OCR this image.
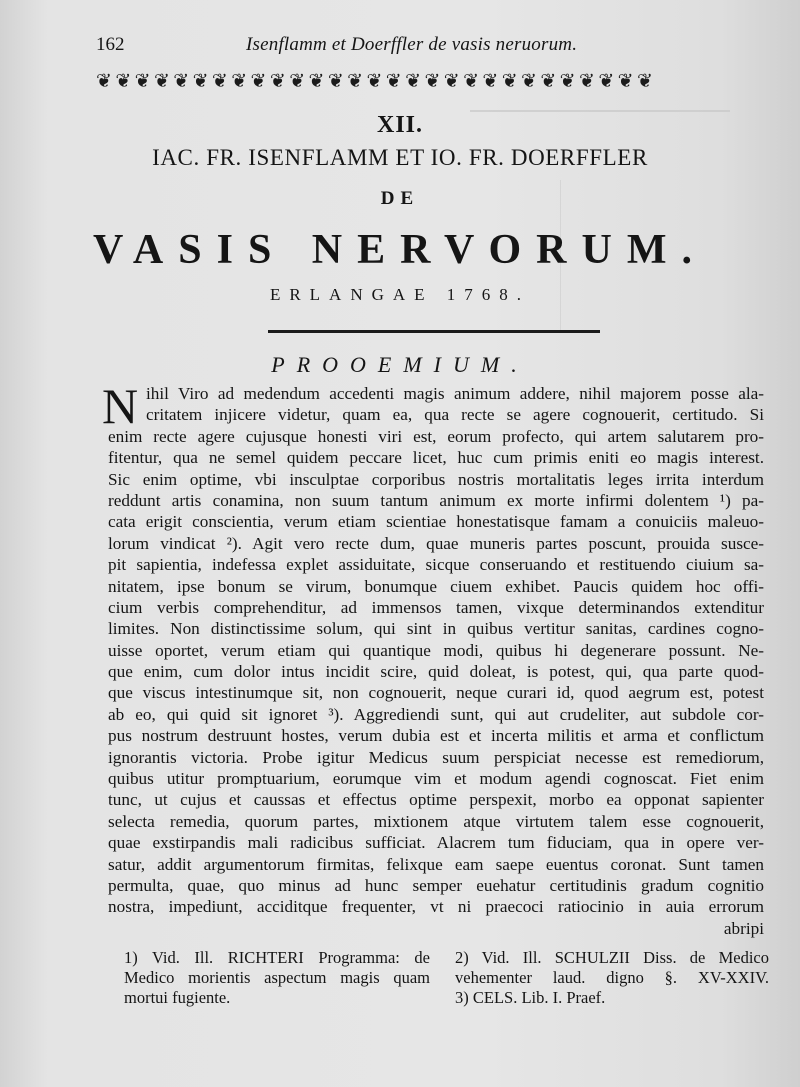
162	Isenflamm et Doerffler de vasis neruorum.
❦❦❦❦❦❦❦❦❦❦❦❦❦❦❦❦❦❦❦❦❦❦❦❦❦❦❦❦❦
XII.
IAC. FR. ISENFLAMM ET IO. FR. DOERFFLER
DE
VASIS NERVORUM.
ERLANGAE 1768.
PROOEMIUM.
N ihil Viro ad medendum accedenti magis animum addere, nihil majorem posse ala-
critatem injicere videtur, quam ea, qua recte se agere cognouerit, certitudo. Si
enim recte agere cujusque honesti viri est, eorum profecto, qui artem salutarem pro-
fitentur, qua ne semel quidem peccare licet, huc cum primis eniti eo magis interest.
Sic enim optime, vbi insculptae corporibus nostris mortalitatis leges irrita interdum
reddunt artis conamina, non suum tantum animum ex morte infirmi dolentem ¹) pa-
cata erigit conscientia, verum etiam scientiae honestatisque famam a conuiciis maleuo-
lorum vindicat ²). Agit vero recte dum, quae muneris partes poscunt, prouida susce-
pit sapientia, indefessa explet assiduitate, sicque conseruando et restituendo ciuium sa-
nitatem, ipse bonum se virum, bonumque ciuem exhibet. Paucis quidem hoc offi-
cium verbis comprehenditur, ad immensos tamen, vixque determinandos extenditur
limites. Non distinctissime solum, qui sint in quibus vertitur sanitas, cardines cogno-
uisse oportet, verum etiam qui quantique modi, quibus hi degenerare possunt. Ne-
que enim, cum dolor intus incidit scire, quid doleat, is potest, qui, qua parte quod-
que viscus intestinumque sit, non cognouerit, neque curari id, quod aegrum est, potest
ab eo, qui quid sit ignoret ³). Aggrediendi sunt, qui aut crudeliter, aut subdole cor-
pus nostrum destruunt hostes, verum dubia est et incerta militis et arma et conflictum
ignorantis victoria. Probe igitur Medicus suum perspiciat necesse est remediorum,
quibus utitur promptuarium, eorumque vim et modum agendi cognoscat. Fiet enim
tunc, ut cujus et caussas et effectus optime perspexit, morbo ea opponat sapienter
selecta remedia, quorum partes, mixtionem atque virtutem talem esse cognouerit,
quae exstirpandis mali radicibus sufficiat. Alacrem tum fiduciam, qua in opere ver-
satur, addit argumentorum firmitas, felixque eam saepe euentus coronat. Sunt tamen
permulta, quae, quo minus ad hunc semper euehatur certitudinis gradum cognitio
nostra, impediunt, acciditque frequenter, vt ni praecoci ratiocinio in auia errorum
abripi
1) Vid. Ill. RICHTERI Programma: de
Medico morientis aspectum magis quam
mortui fugiente.
2) Vid. Ill. SCHULZII Diss. de Medico
vehementer laud. digno §. XV-XXIV.
3) CELS. Lib. I. Praef.
